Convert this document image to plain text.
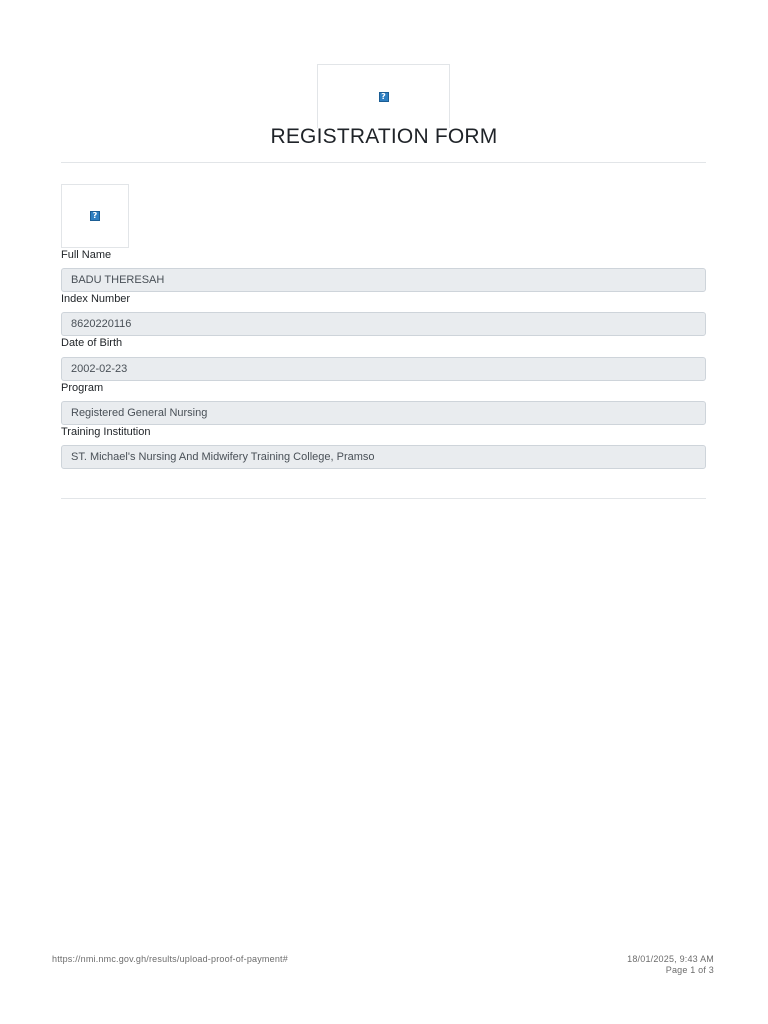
?
REGISTRATION FORM
?
Full Name
BADU THERESAH
Index Number
8620220116
Date of Birth
2002-02-23
Program
Registered General Nursing
Training Institution
ST. Michael's Nursing And Midwifery Training College, Pramso
https://nmi.nmc.gov.gh/results/upload-proof-of-payment#	18/01/2025, 9:43 AM
Page 1 of 3
